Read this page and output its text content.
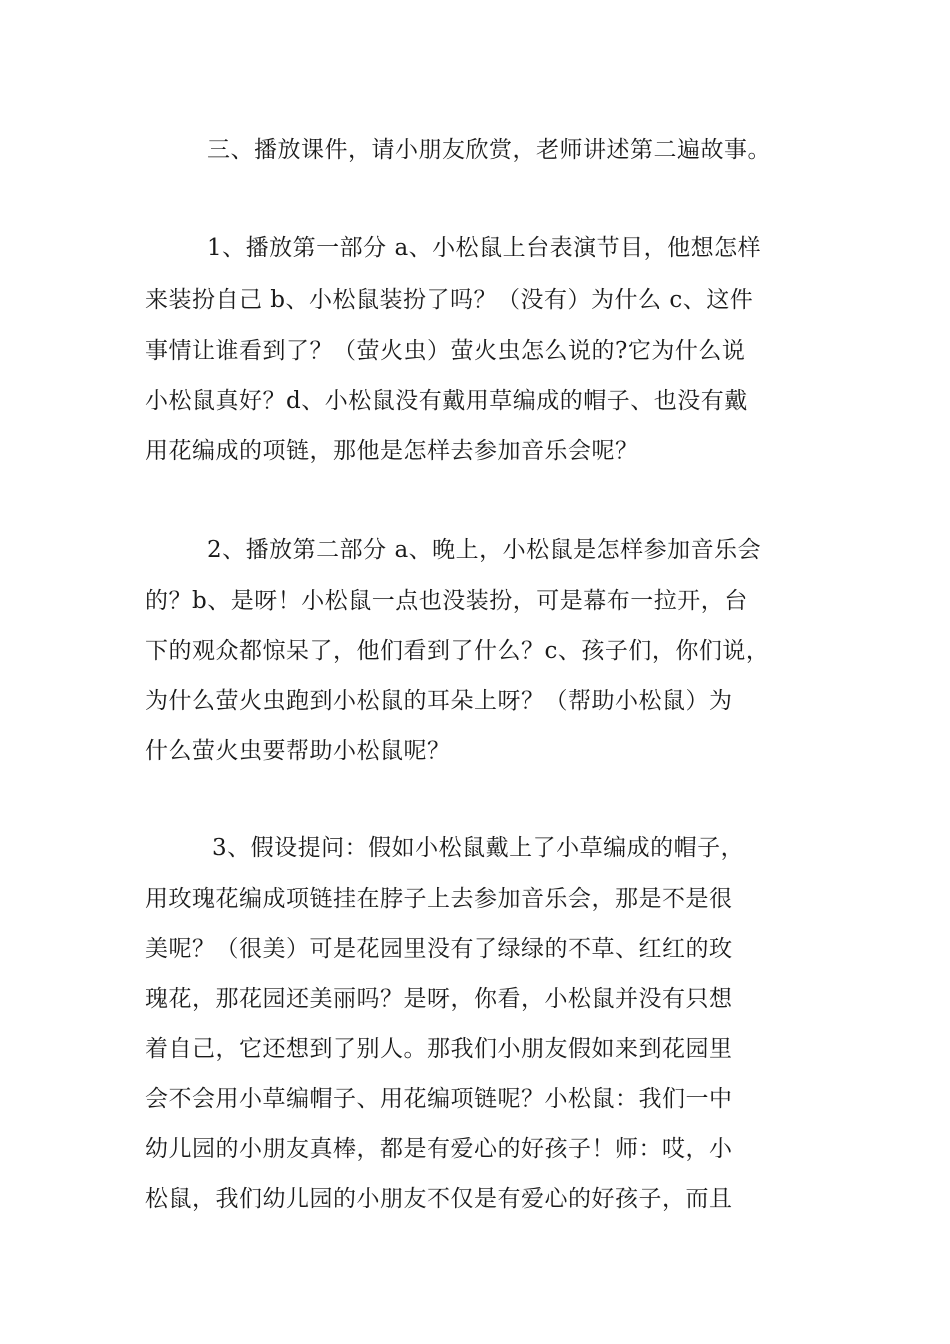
三、播放课件，请小朋友欣赏，老师讲述第二遍故事。
1、播放第一部分 a、小松鼠上台表演节目，他想怎样
来装扮自己 b、小松鼠装扮了吗？（没有）为什么 c、这件
事情让谁看到了？（萤火虫）萤火虫怎么说的?它为什么说
小松鼠真好？d、小松鼠没有戴用草编成的帽子、也没有戴
用花编成的项链，那他是怎样去参加音乐会呢？
2、播放第二部分 a、晚上，小松鼠是怎样参加音乐会
的？b、是呀！小松鼠一点也没装扮，可是幕布一拉开，台
下的观众都惊呆了，他们看到了什么？c、孩子们，你们说，
为什么萤火虫跑到小松鼠的耳朵上呀？（帮助小松鼠）为
什么萤火虫要帮助小松鼠呢？
3、假设提问：假如小松鼠戴上了小草编成的帽子，
用玫瑰花编成项链挂在脖子上去参加音乐会，那是不是很
美呢？（很美）可是花园里没有了绿绿的不草、红红的玫
瑰花，那花园还美丽吗？是呀，你看，小松鼠并没有只想
着自己，它还想到了别人。那我们小朋友假如来到花园里
会不会用小草编帽子、用花编项链呢？小松鼠：我们一中
幼儿园的小朋友真棒，都是有爱心的好孩子！师：哎，小
松鼠，我们幼儿园的小朋友不仅是有爱心的好孩子，而且
